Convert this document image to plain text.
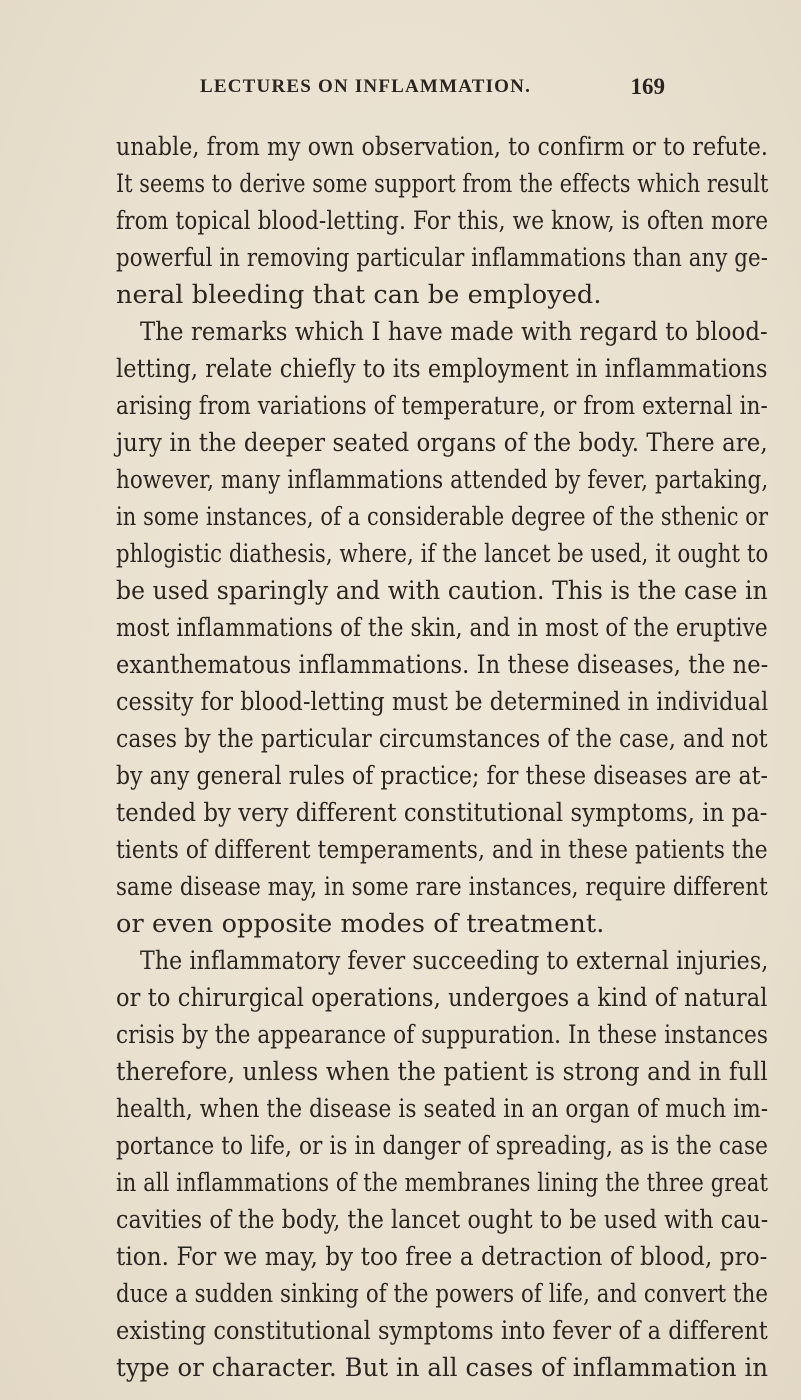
LECTURES ON INFLAMMATION.	169
unable, from my own observation, to confirm or to refute.
It seems to derive some support from the effects which result
from topical blood-letting. For this, we know, is often more
powerful in removing particular inflammations than any ge-
neral bleeding that can be employed.
The remarks which I have made with regard to blood-
letting, relate chiefly to its employment in inflammations
arising from variations of temperature, or from external in-
jury in the deeper seated organs of the body. There are,
however, many inflammations attended by fever, partaking,
in some instances, of a considerable degree of the sthenic or
phlogistic diathesis, where, if the lancet be used, it ought to
be used sparingly and with caution. This is the case in
most inflammations of the skin, and in most of the eruptive
exanthematous inflammations. In these diseases, the ne-
cessity for blood-letting must be determined in individual
cases by the particular circumstances of the case, and not
by any general rules of practice; for these diseases are at-
tended by very different constitutional symptoms, in pa-
tients of different temperaments, and in these patients the
same disease may, in some rare instances, require different
or even opposite modes of treatment.
The inflammatory fever succeeding to external injuries,
or to chirurgical operations, undergoes a kind of natural
crisis by the appearance of suppuration. In these instances
therefore, unless when the patient is strong and in full
health, when the disease is seated in an organ of much im-
portance to life, or is in danger of spreading, as is the case
in all inflammations of the membranes lining the three great
cavities of the body, the lancet ought to be used with cau-
tion. For we may, by too free a detraction of blood, pro-
duce a sudden sinking of the powers of life, and convert the
existing constitutional symptoms into fever of a different
type or character. But in all cases of inflammation in
